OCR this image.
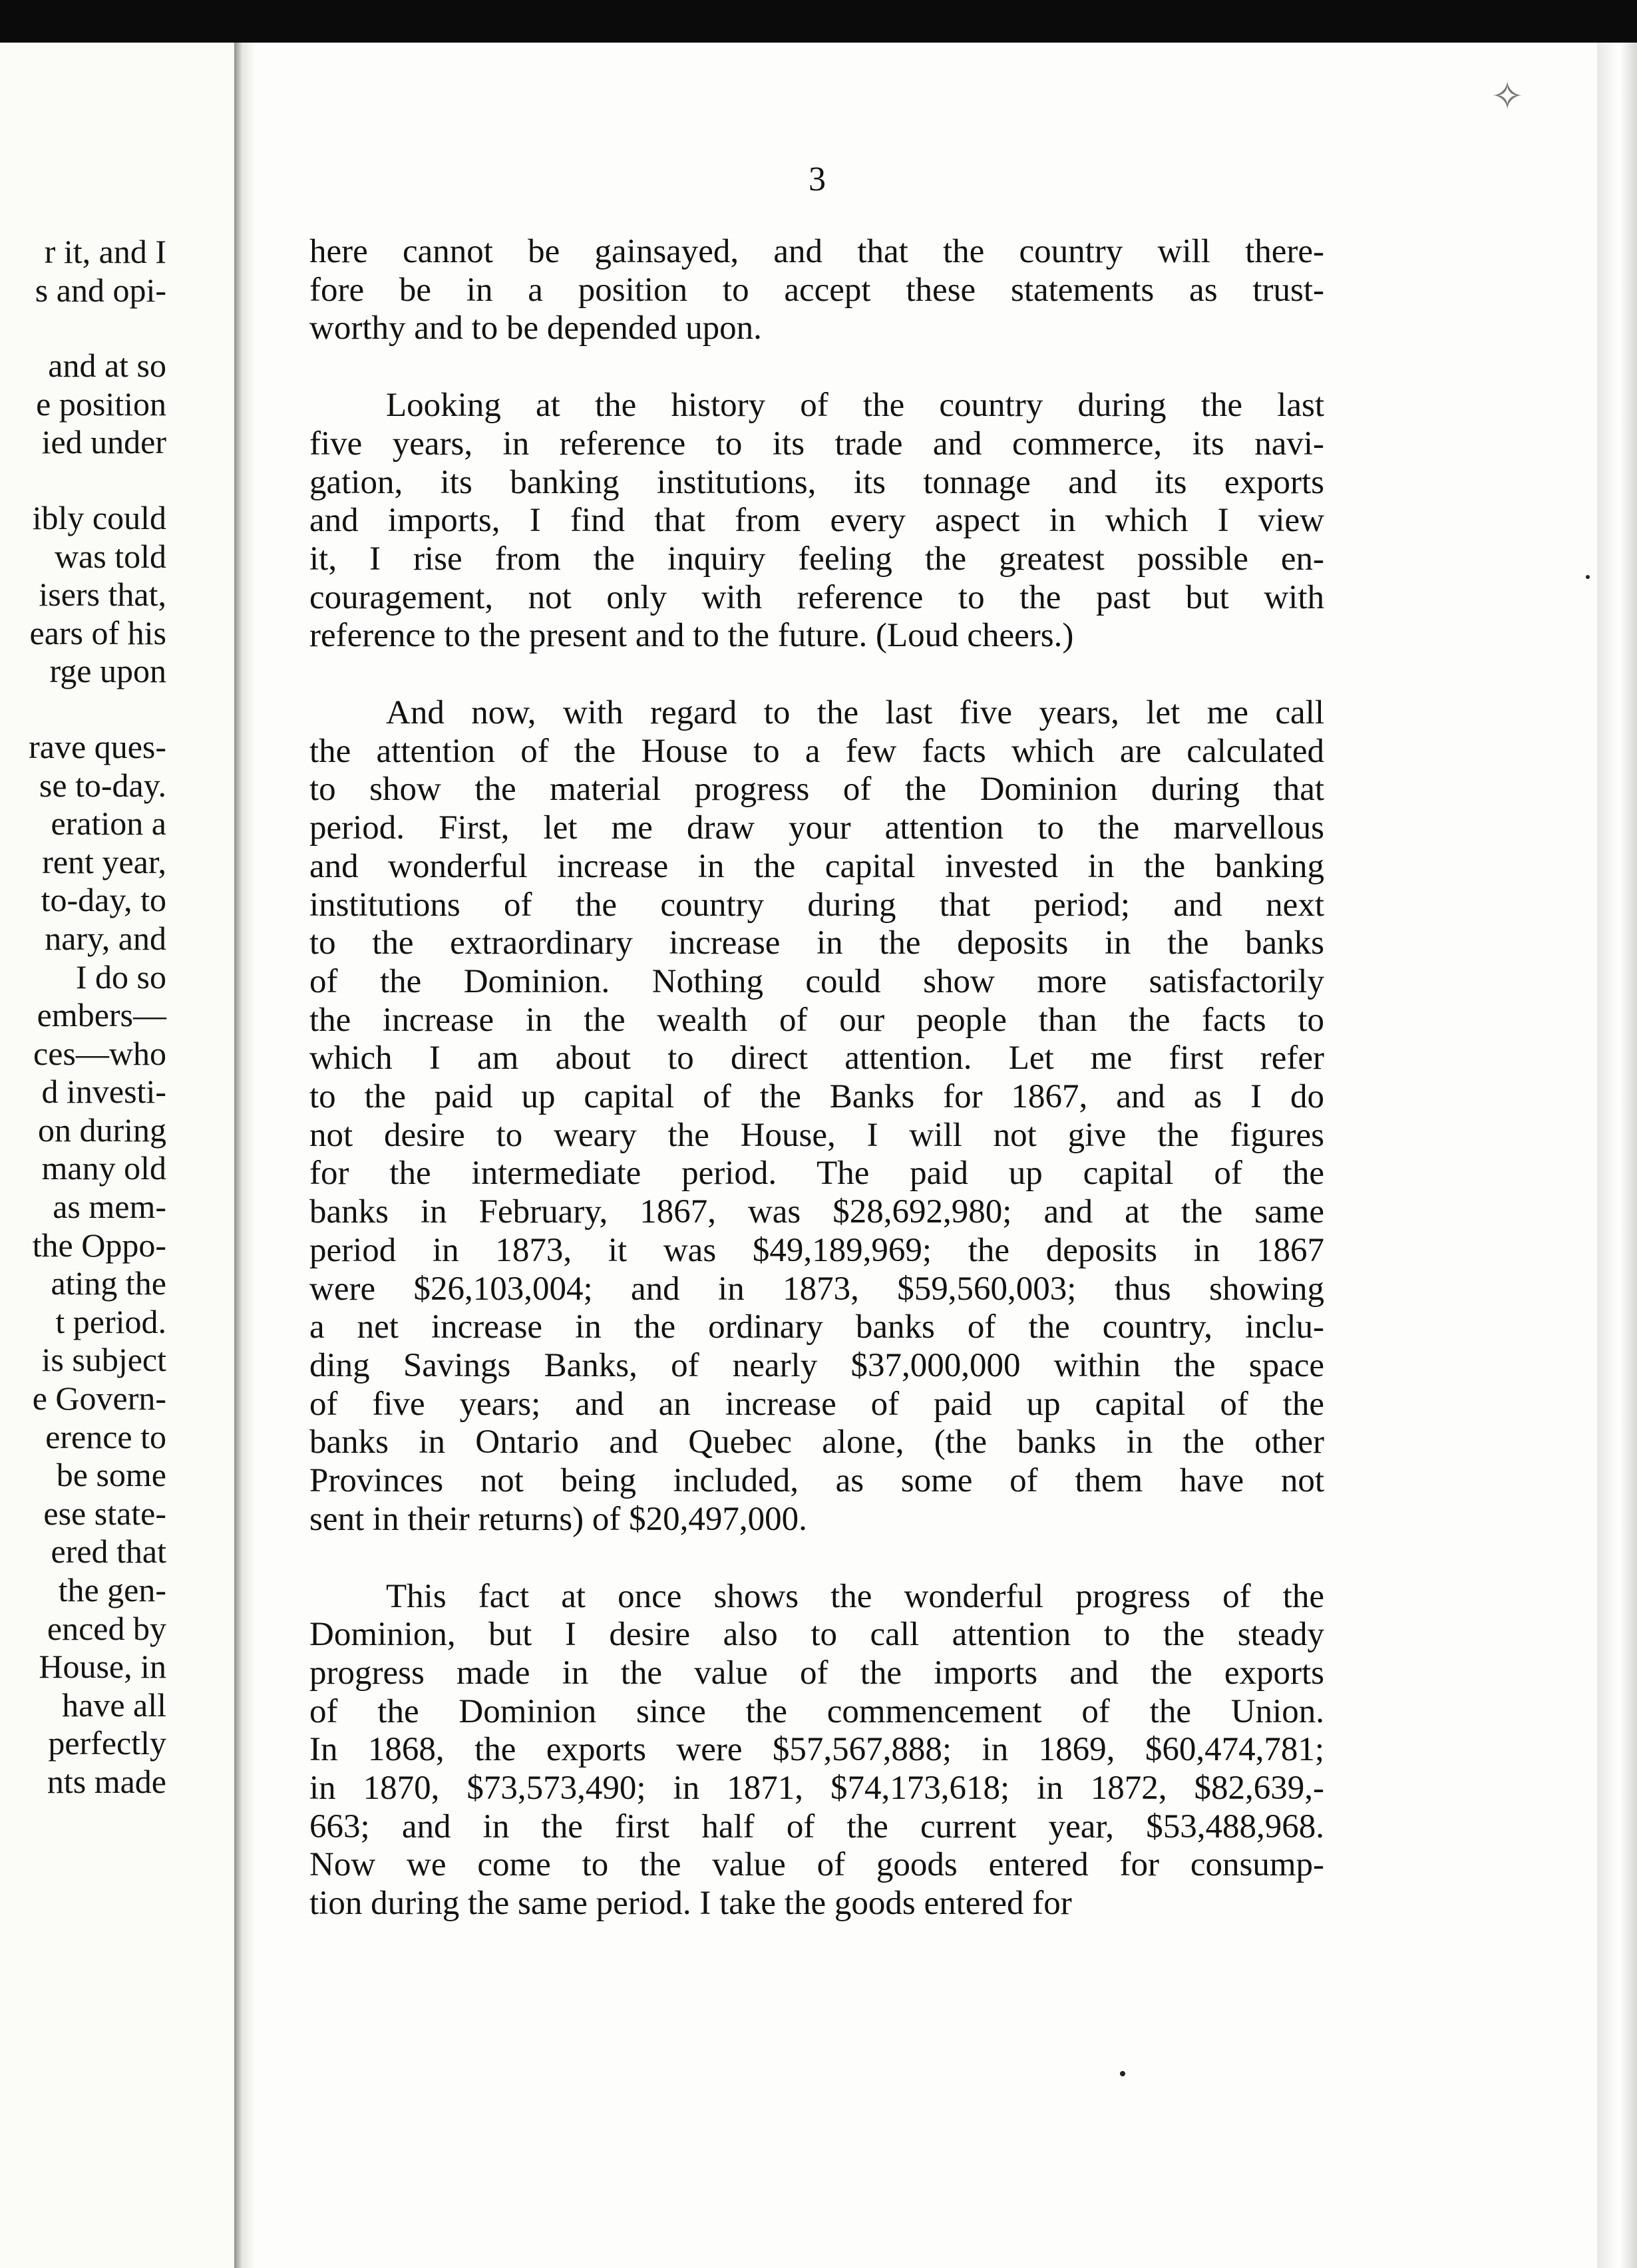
✧
r it, and I
s and opi-
and at so
e position
ied under
ibly could
was told
isers that,
ears of his
rge upon
rave ques-
se to-day.
eration a
rent year,
to-day, to
nary, and
I do so
embers—
ces—who
d investi-
on during
many old
as mem-
the Oppo-
ating the
t period.
is subject
e Govern-
erence to
be some
ese state-
ered that
the gen-
enced by
House, in
have all
perfectly
nts made
3
here cannot be gainsayed, and that the country will there-
fore be in a position to accept these statements as trust-
worthy and to be depended upon.
Looking at the history of the country during the last
five years, in reference to its trade and commerce, its navi-
gation, its banking institutions, its tonnage and its exports
and imports, I find that from every aspect in which I view
it, I rise from the inquiry feeling the greatest possible en-
couragement, not only with reference to the past but with
reference to the present and to the future. (Loud cheers.)
And now, with regard to the last five years, let me call
the attention of the House to a few facts which are calculated
to show the material progress of the Dominion during that
period. First, let me draw your attention to the marvellous
and wonderful increase in the capital invested in the banking
institutions of the country during that period; and next
to the extraordinary increase in the deposits in the banks
of the Dominion. Nothing could show more satisfactorily
the increase in the wealth of our people than the facts to
which I am about to direct attention. Let me first refer
to the paid up capital of the Banks for 1867, and as I do
not desire to weary the House, I will not give the figures
for the intermediate period. The paid up capital of the
banks in February, 1867, was $28,692,980; and at the same
period in 1873, it was $49,189,969; the deposits in 1867
were $26,103,004; and in 1873, $59,560,003; thus showing
a net increase in the ordinary banks of the country, inclu-
ding Savings Banks, of nearly $37,000,000 within the space
of five years; and an increase of paid up capital of the
banks in Ontario and Quebec alone, (the banks in the other
Provinces not being included, as some of them have not
sent in their returns) of $20,497,000.
This fact at once shows the wonderful progress of the
Dominion, but I desire also to call attention to the steady
progress made in the value of the imports and the exports
of the Dominion since the commencement of the Union.
In 1868, the exports were $57,567,888; in 1869, $60,474,781;
in 1870, $73,573,490; in 1871, $74,173,618; in 1872, $82,639,-
663; and in the first half of the current year, $53,488,968.
Now we come to the value of goods entered for consump-
tion during the same period. I take the goods entered for
